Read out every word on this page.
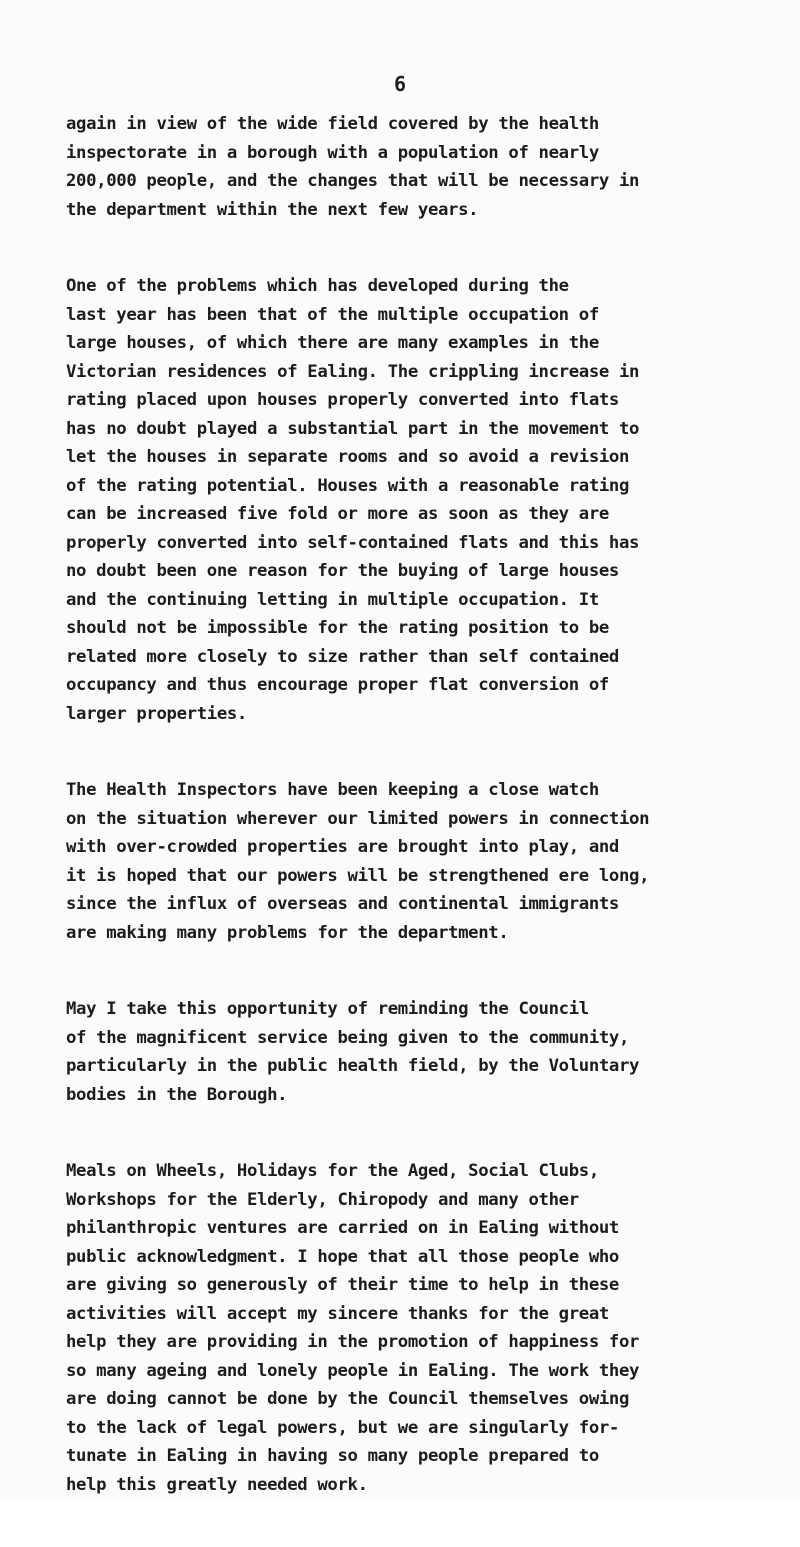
6
again in view of the wide field covered by the health
inspectorate in a borough with a population of nearly
200,000 people, and the changes that will be necessary in
the department within the next few years.
One of the problems which has developed during the
last year has been that of the multiple occupation of
large houses, of which there are many examples in the
Victorian residences of Ealing. The crippling increase in
rating placed upon houses properly converted into flats
has no doubt played a substantial part in the movement to
let the houses in separate rooms and so avoid a revision
of the rating potential. Houses with a reasonable rating
can be increased five fold or more as soon as they are
properly converted into self-contained flats and this has
no doubt been one reason for the buying of large houses
and the continuing letting in multiple occupation. It
should not be impossible for the rating position to be
related more closely to size rather than self contained
occupancy and thus encourage proper flat conversion of
larger properties.
The Health Inspectors have been keeping a close watch
on the situation wherever our limited powers in connection
with over-crowded properties are brought into play, and
it is hoped that our powers will be strengthened ere long,
since the influx of overseas and continental immigrants
are making many problems for the department.
May I take this opportunity of reminding the Council
of the magnificent service being given to the community,
particularly in the public health field, by the Voluntary
bodies in the Borough.
Meals on Wheels, Holidays for the Aged, Social Clubs,
Workshops for the Elderly, Chiropody and many other
philanthropic ventures are carried on in Ealing without
public acknowledgment. I hope that all those people who
are giving so generously of their time to help in these
activities will accept my sincere thanks for the great
help they are providing in the promotion of happiness for
so many ageing and lonely people in Ealing. The work they
are doing cannot be done by the Council themselves owing
to the lack of legal powers, but we are singularly for-
tunate in Ealing in having so many people prepared to
help this greatly needed work.
